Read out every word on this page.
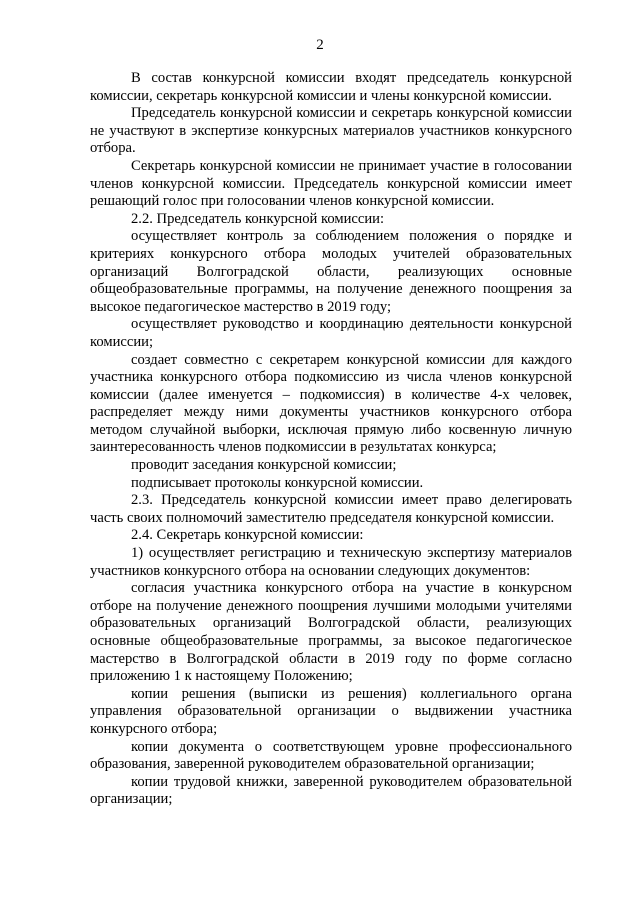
2

В состав конкурсной комиссии входят председатель конкурсной комиссии, секретарь конкурсной комиссии и члены конкурсной комиссии.

Председатель конкурсной комиссии и секретарь конкурсной комиссии не участвуют в экспертизе конкурсных материалов участников конкурсного отбора.

Секретарь конкурсной комиссии не принимает участие в голосовании членов конкурсной комиссии. Председатель конкурсной комиссии имеет решающий голос при голосовании членов конкурсной комиссии.

2.2. Председатель конкурсной комиссии:

осуществляет контроль за соблюдением положения о порядке и критериях конкурсного отбора молодых учителей образовательных организаций Волгоградской области, реализующих основные общеобразовательные программы, на получение денежного поощрения за высокое педагогическое мастерство в 2019 году;

осуществляет руководство и координацию деятельности конкурсной комиссии;

создает совместно с секретарем конкурсной комиссии для каждого участника конкурсного отбора подкомиссию из числа членов конкурсной комиссии (далее именуется – подкомиссия) в количестве 4-х человек, распределяет между ними документы участников конкурсного отбора методом случайной выборки, исключая прямую либо косвенную личную заинтересованность членов подкомиссии в результатах конкурса;

проводит заседания конкурсной комиссии;

подписывает протоколы конкурсной комиссии.

2.3. Председатель конкурсной комиссии имеет право делегировать часть своих полномочий заместителю председателя конкурсной комиссии.

2.4. Секретарь конкурсной комиссии:

1) осуществляет регистрацию и техническую экспертизу материалов участников конкурсного отбора на основании следующих документов:

согласия участника конкурсного отбора на участие в конкурсном отборе на получение денежного поощрения лучшими молодыми учителями образовательных организаций Волгоградской области, реализующих основные общеобразовательные программы, за высокое педагогическое мастерство в Волгоградской области в 2019 году по форме согласно приложению 1 к настоящему Положению;

копии решения (выписки из решения) коллегиального органа управления образовательной организации о выдвижении участника конкурсного отбора;

копии документа о соответствующем уровне профессионального образования, заверенной руководителем образовательной организации;

копии трудовой книжки, заверенной руководителем образовательной организации;
